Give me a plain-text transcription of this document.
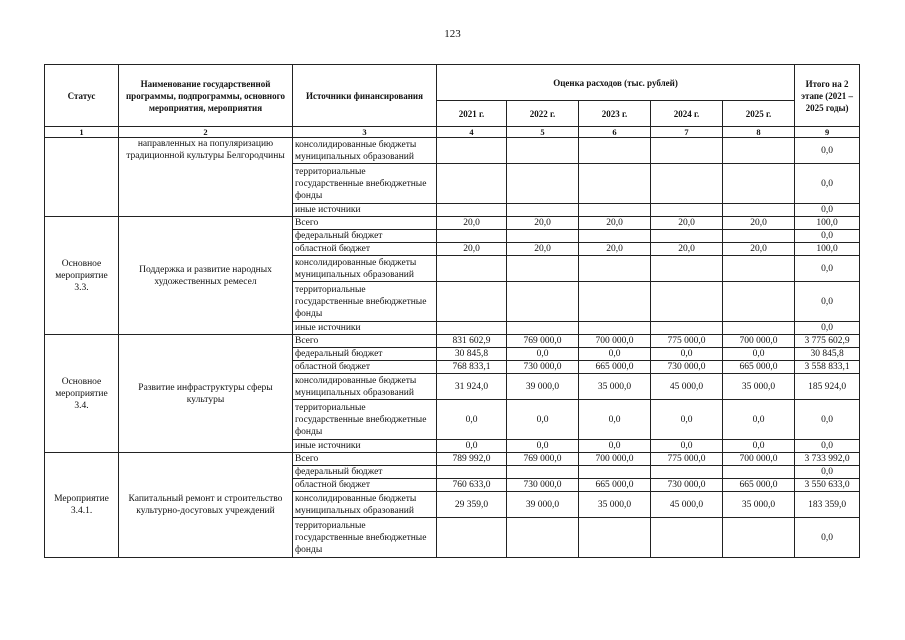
123
Статус	Наименование государственной программы, подпрограммы, основного мероприятия, мероприятия	Источники финансирования	Оценка расходов (тыс. рублей)					Итого на 2 этапе (2021 – 2025 годы)
			2021 г.	2022 г.	2023 г.	2024 г.	2025 г.	
1	2	3	4	5	6	7	8	9
	направленных на популяризацию традиционной культуры Белгородчины	консолидированные бюджеты муниципальных образований						0,0
		территориальные государственные внебюджетные фонды						0,0
		иные источники						0,0
Основное мероприятие 3.3.	Поддержка и развитие народных художественных ремесел	Всего	20,0	20,0	20,0	20,0	20,0	100,0
		федеральный бюджет						0,0
		областной бюджет	20,0	20,0	20,0	20,0	20,0	100,0
		консолидированные бюджеты муниципальных образований						0,0
		территориальные государственные внебюджетные фонды						0,0
		иные источники						0,0
Основное мероприятие 3.4.	Развитие инфраструктуры сферы культуры	Всего	831 602,9	769 000,0	700 000,0	775 000,0	700 000,0	3 775 602,9
		федеральный бюджет	30 845,8	0,0	0,0	0,0	0,0	30 845,8
		областной бюджет	768 833,1	730 000,0	665 000,0	730 000,0	665 000,0	3 558 833,1
		консолидированные бюджеты муниципальных образований	31 924,0	39 000,0	35 000,0	45 000,0	35 000,0	185 924,0
		территориальные государственные внебюджетные фонды	0,0	0,0	0,0	0,0	0,0	0,0
		иные источники	0,0	0,0	0,0	0,0	0,0	0,0
Мероприятие 3.4.1.	Капитальный ремонт и строительство культурно-досуговых учреждений	Всего	789 992,0	769 000,0	700 000,0	775 000,0	700 000,0	3 733 992,0
		федеральный бюджет						0,0
		областной бюджет	760 633,0	730 000,0	665 000,0	730 000,0	665 000,0	3 550 633,0
		консолидированные бюджеты муниципальных образований	29 359,0	39 000,0	35 000,0	45 000,0	35 000,0	183 359,0
		территориальные государственные внебюджетные фонды						0,0
